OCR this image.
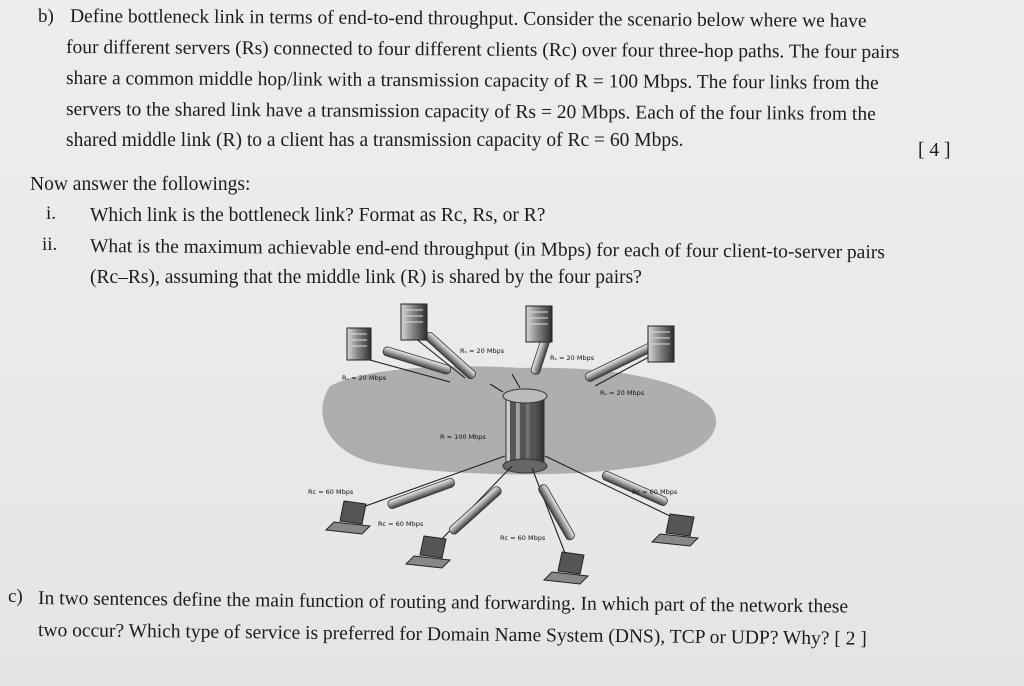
b) Define bottleneck link in terms of end-to-end throughput. Consider the scenario below where we have
four different servers (Rs) connected to four different clients (Rc) over four three-hop paths. The four pairs
share a common middle hop/link with a transmission capacity of R = 100 Mbps. The four links from the
servers to the shared link have a transmission capacity of Rs = 20 Mbps. Each of the four links from the
shared middle link (R) to a client has a transmission capacity of Rc = 60 Mbps.	[ 4 ]
Now answer the followings:
i. Which link is the bottleneck link? Format as Rc, Rs, or R?
ii. What is the maximum achievable end-end throughput (in Mbps) for each of four client-to-server pairs
(Rc–Rs), assuming that the middle link (R) is shared by the four pairs?
Rₛ = 20 Mbps
Rₛ = 20 Mbps
Rₛ = 20 Mbps
Rₛ = 20 Mbps
R = 100 Mbps
Rᴄ = 60 Mbps
Rᴄ = 60 Mbps
Rᴄ = 60 Mbps
Rᴄ = 60 Mbps
c) In two sentences define the main function of routing and forwarding. In which part of the network these
two occur? Which type of service is preferred for Domain Name System (DNS), TCP or UDP? Why? [ 2 ]
